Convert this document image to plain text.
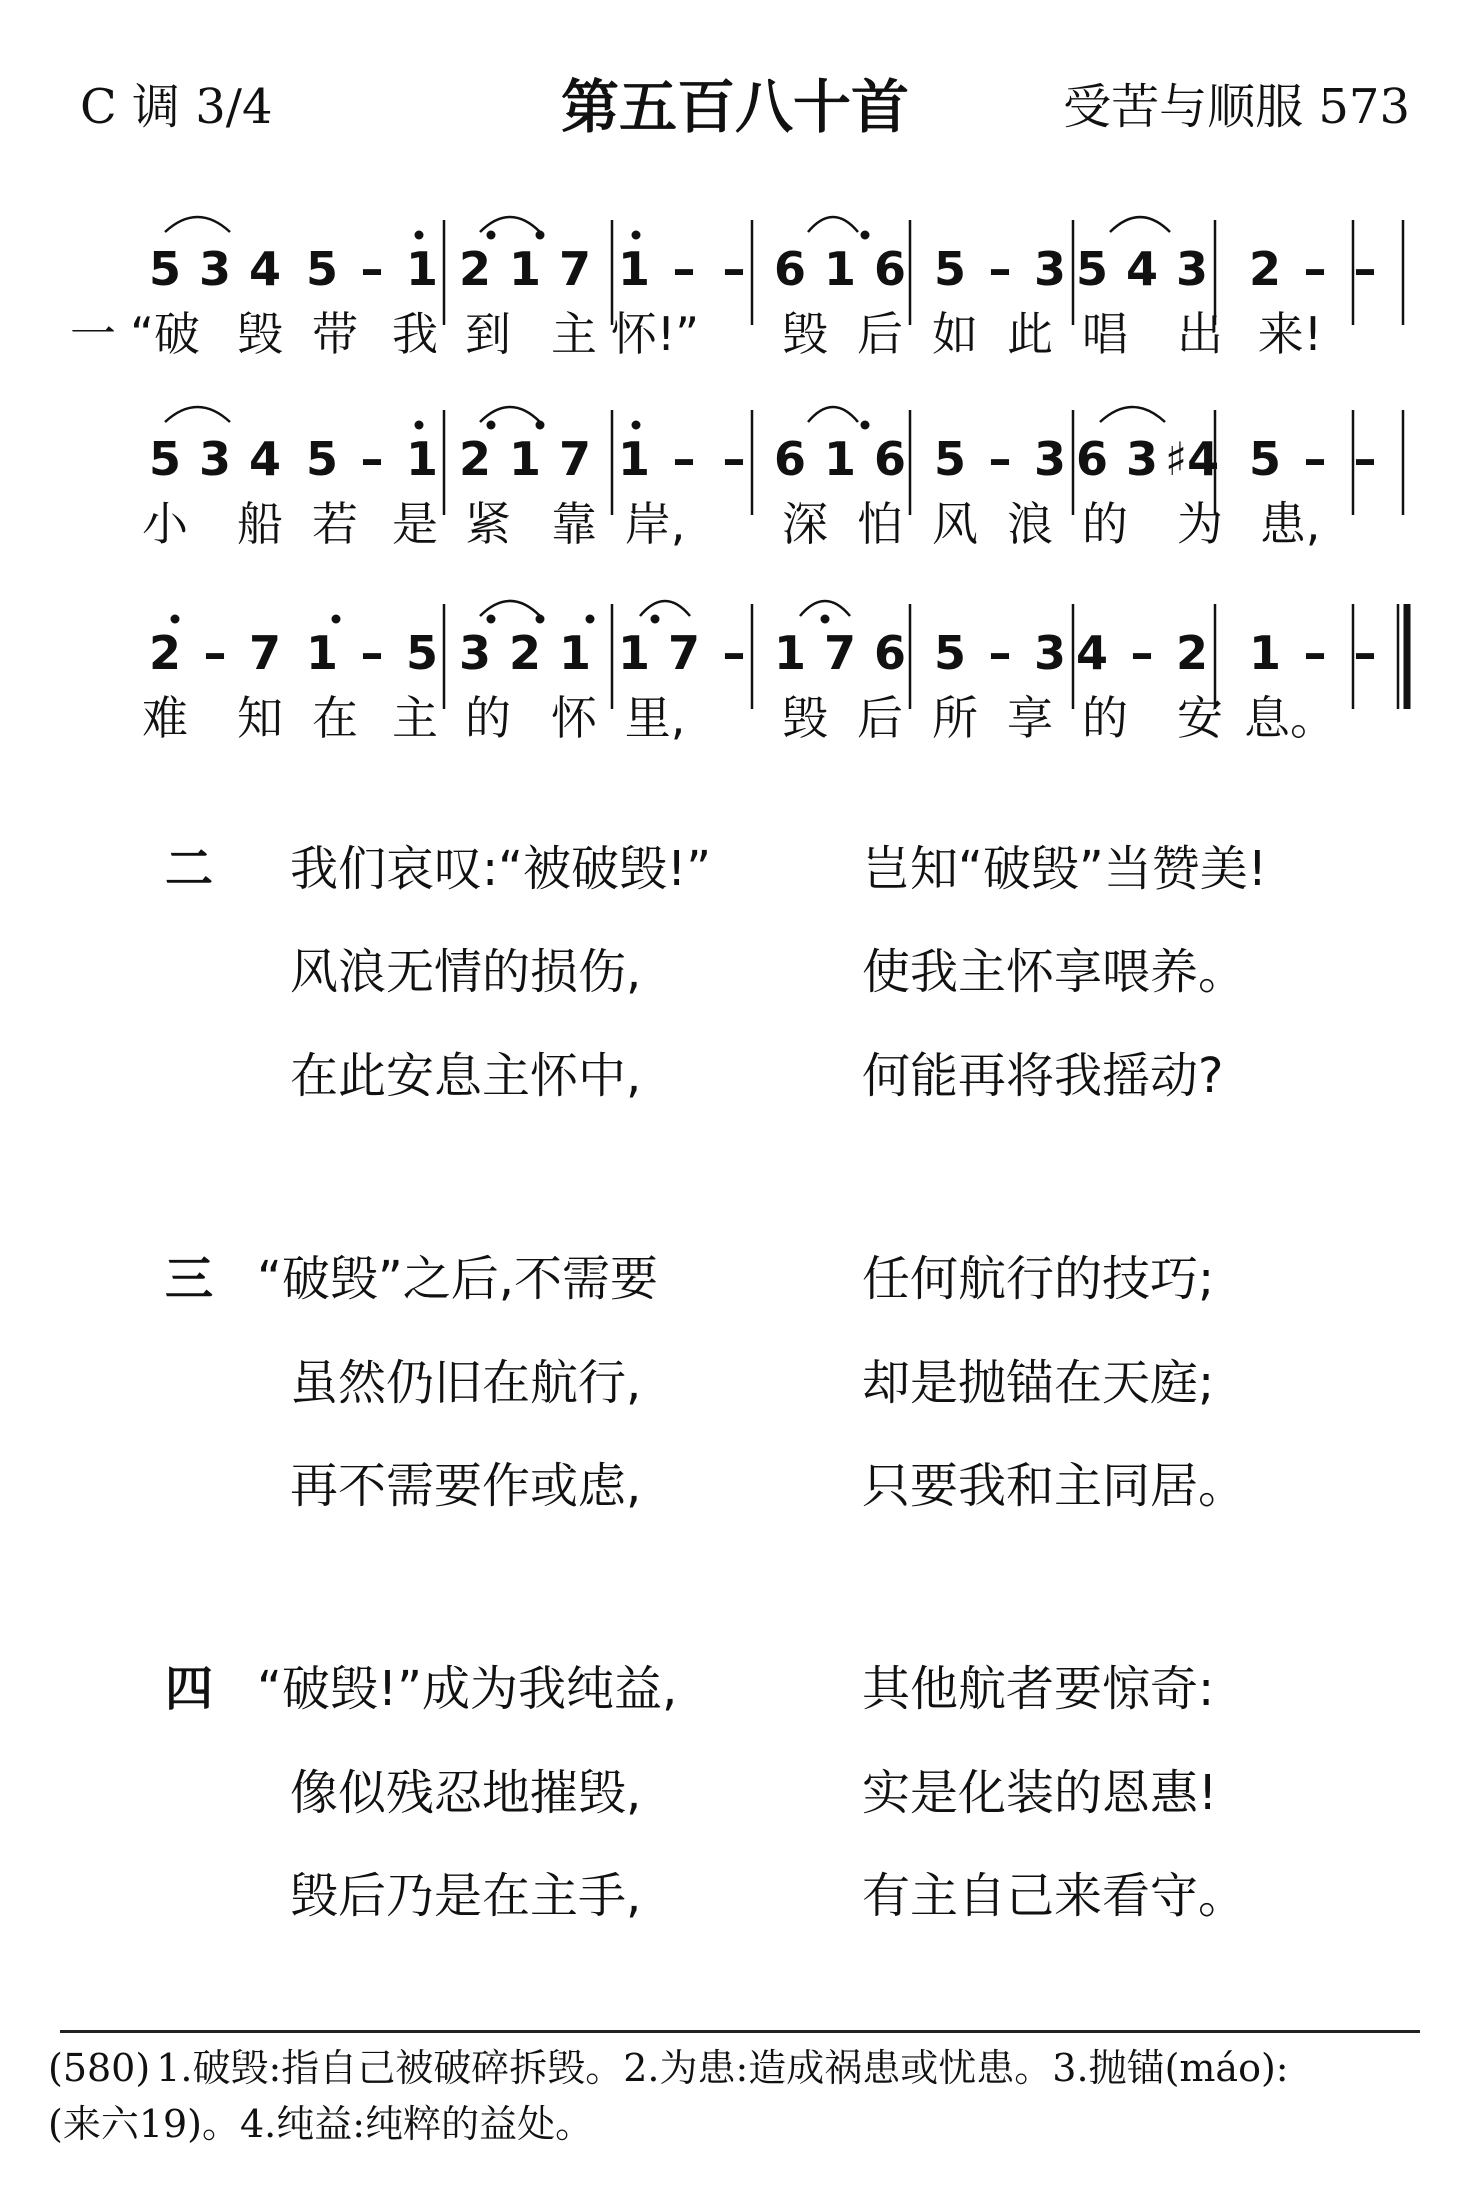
C 调 3/4	第五百八十首	受苦与顺服 573
5 3 4 5 – 1 2 1 7 1 – – 6 1 6 5 – 3 5 4 3 2 – –
一 “破 毁 带 我 到 主 怀!” 毁 后 如 此 唱 出 来!
5 3 4 5 – 1 2 1 7 1 – – 6 1 6 5 – 3 6 3 ♯4 5 – –
小 船 若 是 紧 靠 岸, 深 怕 风 浪 的 为 患,
2 – 7 1 – 5 3 2 1 1 7 – 1 7 6 5 – 3 4 – 2 1 – –
难 知 在 主 的 怀 里, 毁 后 所 享 的 安 息。
二 我们哀叹:“被破毁!”	岂知“破毁”当赞美!
风浪无情的损伤,	使我主怀享喂养。
在此安息主怀中,	何能再将我摇动?
三 “破毁”之后,不需要	任何航行的技巧;
虽然仍旧在航行,	却是抛锚在天庭;
再不需要作或虑,	只要我和主同居。
四 “破毁!”成为我纯益,	其他航者要惊奇:
像似残忍地摧毁,	实是化装的恩惠!
毁后乃是在主手,	有主自己来看守。
(580) 1.破毁:指自己被破碎拆毁。2.为患:造成祸患或忧患。3.抛锚(máo):
(来六19)。4.纯益:纯粹的益处。
